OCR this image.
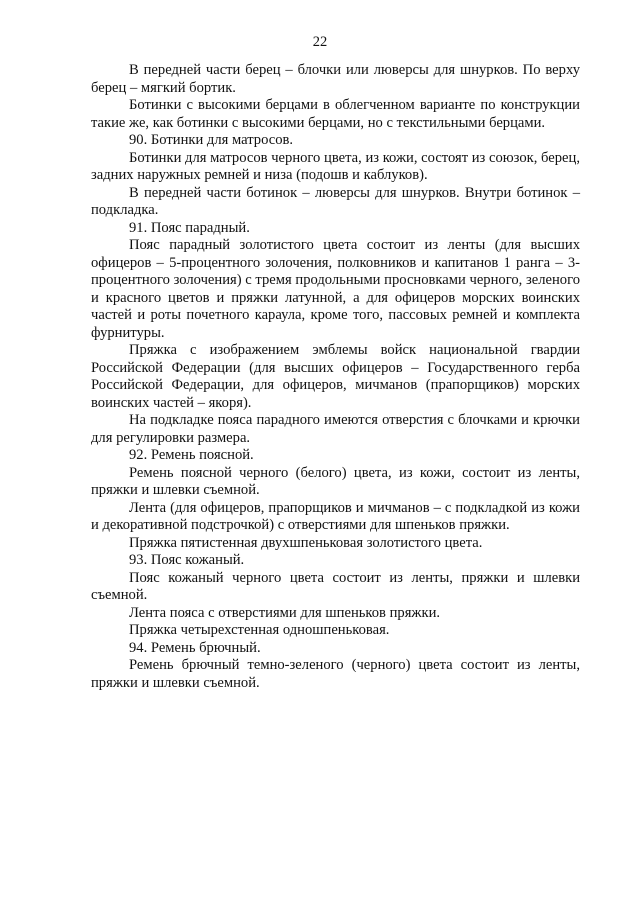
22

В передней части берец – блочки или люверсы для шнурков. По верху берец – мягкий бортик.

Ботинки с высокими берцами в облегченном варианте по конструкции такие же, как ботинки с высокими берцами, но с текстильными берцами.

90. Ботинки для матросов.

Ботинки для матросов черного цвета, из кожи, состоят из союзок, берец, задних наружных ремней и низа (подошв и каблуков).

В передней части ботинок – люверсы для шнурков. Внутри ботинок – подкладка.

91. Пояс парадный.

Пояс парадный золотистого цвета состоит из ленты (для высших офицеров – 5-процентного золочения, полковников и капитанов 1 ранга – 3-процентного золочения) с тремя продольными просновками черного, зеленого и красного цветов и пряжки латунной, а для офицеров морских воинских частей и роты почетного караула, кроме того, пассовых ремней и комплекта фурнитуры.

Пряжка с изображением эмблемы войск национальной гвардии Российской Федерации (для высших офицеров – Государственного герба Российской Федерации, для офицеров, мичманов (прапорщиков) морских воинских частей – якоря).

На подкладке пояса парадного имеются отверстия с блочками и крючки для регулировки размера.

92. Ремень поясной.

Ремень поясной черного (белого) цвета, из кожи, состоит из ленты, пряжки и шлевки съемной.

Лента (для офицеров, прапорщиков и мичманов – с подкладкой из кожи и декоративной подстрочкой) с отверстиями для шпеньков пряжки.

Пряжка пятистенная двухшпеньковая золотистого цвета.

93. Пояс кожаный.

Пояс кожаный черного цвета состоит из ленты, пряжки и шлевки съемной.

Лента пояса с отверстиями для шпеньков пряжки.

Пряжка четырехстенная одношпеньковая.

94. Ремень брючный.

Ремень брючный темно-зеленого (черного) цвета состоит из ленты, пряжки и шлевки съемной.
